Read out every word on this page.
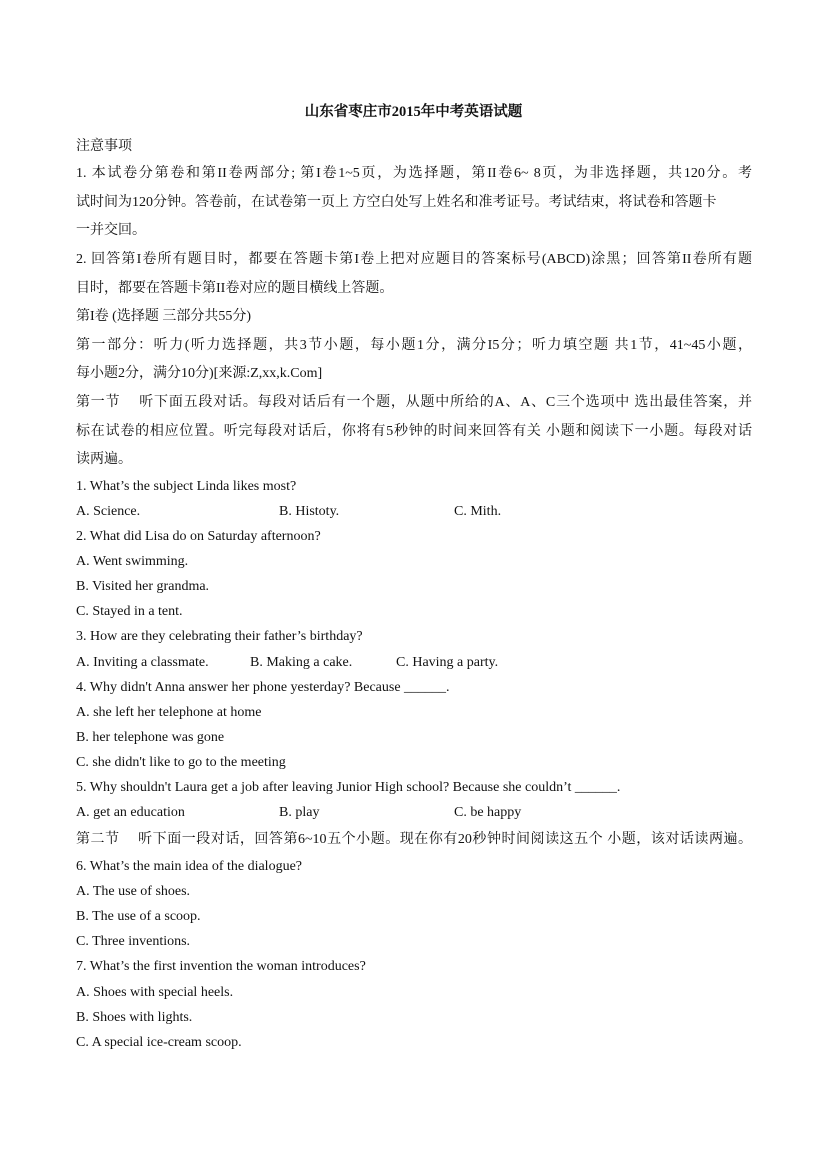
山东省枣庄市2015年中考英语试题
注意事项
1. 本试卷分第卷和第II卷两部分; 第I卷1~5页，为选择题，第II卷6~ 8页，为非选择题，共120分。考
试时间为120分钟。答卷前，在试卷第一页上 方空白处写上姓名和准考证号。考试结束，将试卷和答题卡
一并交回。
2. 回答第I卷所有题目时，都要在答题卡第I卷上把对应题目的答案标号(ABCD)涂黑；回答第II卷所有题
目时，都要在答题卡第II卷对应的题目横线上答题。
第I卷 (选择题 三部分共55分)
第一部分：听力(听力选择题，共3节小题，每小题1分，满分I5分；听力填空题 共1节，41~45小题，
每小题2分，满分10分)[来源:Z,xx,k.Com]
第一节 听下面五段对话。每段对话后有一个题，从题中所给的A、A、C三个选项中 选出最佳答案，并
标在试卷的相应位置。听完每段对话后，你将有5秒钟的时间来回答有关 小题和阅读下一小题。每段对话
读两遍。
1. What’s the subject Linda likes most?
A. Science.	B. Histoty.	C. Mith.
2. What did Lisa do on Saturday afternoon?
A. Went swimming.
B. Visited her grandma.
C. Stayed in a tent.
3. How are they celebrating their father’s birthday?
A. Inviting a classmate.	B. Making a cake.	C. Having a party.
4. Why didn't Anna answer her phone yesterday? Because ______.
A. she left her telephone at home
B. her telephone was gone
C. she didn't like to go to the meeting
5. Why shouldn't Laura get a job after leaving Junior High school? Because she couldn’t ______.
A. get an education	B. play	C. be happy
第二节 听下面一段对话，回答第6~10五个小题。现在你有20秒钟时间阅读这五个 小题，该对话读两遍。
6. What’s the main idea of the dialogue?
A. The use of shoes.
B. The use of a scoop.
C. Three inventions.
7. What’s the first invention the woman introduces?
A. Shoes with special heels.
B. Shoes with lights.
C. A special ice-cream scoop.
